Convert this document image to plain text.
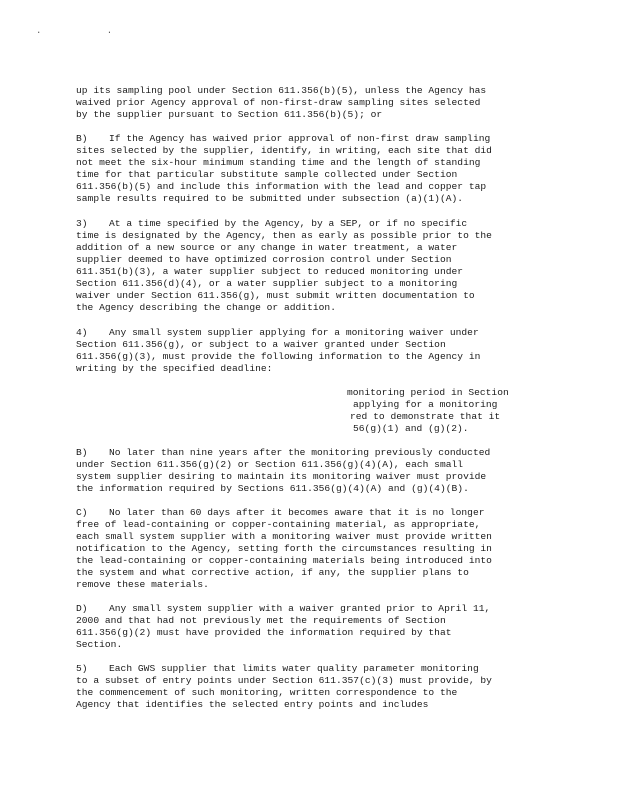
· ·
up its sampling pool under Section 611.356(b)(5), unless the Agency has
waived prior Agency approval of non-first-draw sampling sites selected
by the supplier pursuant to Section 611.356(b)(5); or
B) If the Agency has waived prior approval of non-first draw sampling
sites selected by the supplier, identify, in writing, each site that did
not meet the six-hour minimum standing time and the length of standing
time for that particular substitute sample collected under Section
611.356(b)(5) and include this information with the lead and copper tap
sample results required to be submitted under subsection (a)(1)(A).
3) At a time specified by the Agency, by a SEP, or if no specific
time is designated by the Agency, then as early as possible prior to the
addition of a new source or any change in water treatment, a water
supplier deemed to have optimized corrosion control under Section
611.351(b)(3), a water supplier subject to reduced monitoring under
Section 611.356(d)(4), or a water supplier subject to a monitoring
waiver under Section 611.356(g), must submit written documentation to
the Agency describing the change or addition.
4) Any small system supplier applying for a monitoring waiver under
Section 611.356(g), or subject to a waiver granted under Section
611.356(g)(3), must provide the following information to the Agency in
writing by the specified deadline:
monitoring period in Section
applying for a monitoring
red to demonstrate that it
56(g)(1) and (g)(2).
B) No later than nine years after the monitoring previously conducted
under Section 611.356(g)(2) or Section 611.356(g)(4)(A), each small
system supplier desiring to maintain its monitoring waiver must provide
the information required by Sections 611.356(g)(4)(A) and (g)(4)(B).
C) No later than 60 days after it becomes aware that it is no longer
free of lead-containing or copper-containing material, as appropriate,
each small system supplier with a monitoring waiver must provide written
notification to the Agency, setting forth the circumstances resulting in
the lead-containing or copper-containing materials being introduced into
the system and what corrective action, if any, the supplier plans to
remove these materials.
D) Any small system supplier with a waiver granted prior to April 11,
2000 and that had not previously met the requirements of Section
611.356(g)(2) must have provided the information required by that
Section.
5) Each GWS supplier that limits water quality parameter monitoring
to a subset of entry points under Section 611.357(c)(3) must provide, by
the commencement of such monitoring, written correspondence to the
Agency that identifies the selected entry points and includes
